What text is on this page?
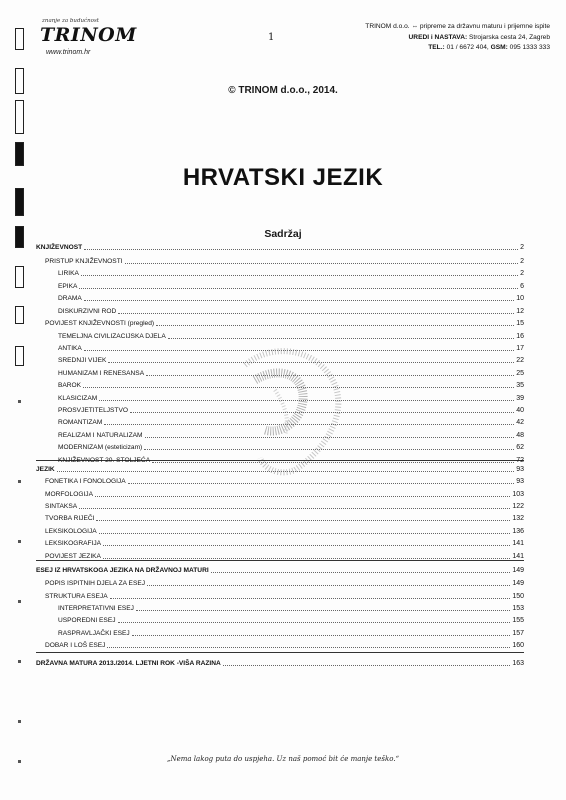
znanje za budućnost
TRINOM
www.trinom.hr
1
TRINOM d.o.o. ⇔ pripreme za državnu maturu i prijemne ispite
UREDI i NASTAVA: Strojarska cesta 24, Zagreb
TEL.: 01 / 6672 404, GSM: 095 1333 333
© TRINOM d.o.o., 2014.
HRVATSKI JEZIK
Sadržaj
KNJIŽEVNOST	2
PRISTUP KNJIŽEVNOSTI	2
LIRIKA	2
EPIKA	6
DRAMA	10
DISKURZIVNI ROD	12
POVIJEST KNJIŽEVNOSTI (pregled)	15
TEMELJNA CIVILIZACIJSKA DJELA	16
ANTIKA	17
SREDNJI VIJEK	22
HUMANIZAM I RENESANSA	25
BAROK	35
KLASICIZAM	39
PROSVJETITELJSTVO	40
ROMANTIZAM	42
REALIZAM I NATURALIZAM	48
MODERNIZAM (esteticizam)	62
KNJIŽEVNOST 20. STOLJEĆA	72
JEZIK	93
FONETIKA I FONOLOGIJA	93
MORFOLOGIJA	103
SINTAKSA	122
TVORBA RIJEČI	132
LEKSIKOLOGIJA	136
LEKSIKOGRAFIJA	141
POVIJEST JEZIKA	141
ESEJ IZ HRVATSKOGA JEZIKA NA DRŽAVNOJ MATURI	149
POPIS ISPITNIH DJELA ZA ESEJ	149
STRUKTURA ESEJA	150
INTERPRETATIVNI ESEJ	153
USPOREDNI ESEJ	155
RASPRAVLJAČKI ESEJ	157
DOBAR I LOŠ ESEJ	160
DRŽAVNA MATURA 2013./2014. LJETNI ROK -VIŠA RAZINA	163
„Nema lakog puta do uspjeha. Uz naš pomoć bit će manje teško.“
